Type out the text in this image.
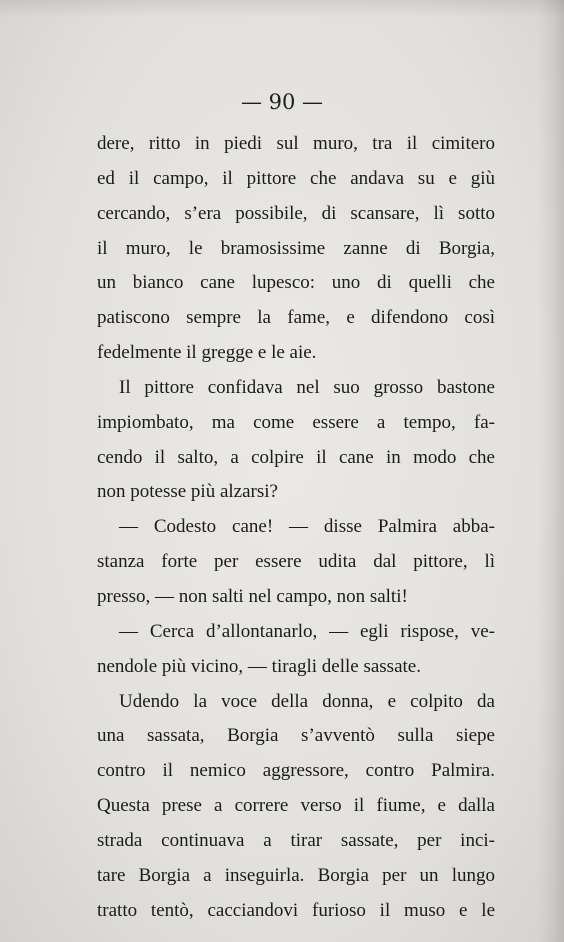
— 90 —
dere, ritto in piedi sul muro, tra il cimitero
ed il campo, il pittore che andava su e giù
cercando, s’era possibile, di scansare, lì sotto
il muro, le bramosissime zanne di Borgia,
un bianco cane lupesco: uno di quelli che
patiscono sempre la fame, e difendono così
fedelmente il gregge e le aie.
Il pittore confidava nel suo grosso bastone
impiombato, ma come essere a tempo, fa-
cendo il salto, a colpire il cane in modo che
non potesse più alzarsi?
— Codesto cane! — disse Palmira abba-
stanza forte per essere udita dal pittore, lì
presso, — non salti nel campo, non salti!
— Cerca d’allontanarlo, — egli rispose, ve-
nendole più vicino, — tiragli delle sassate.
Udendo la voce della donna, e colpito da
una sassata, Borgia s’avventò sulla siepe
contro il nemico aggressore, contro Palmira.
Questa prese a correre verso il fiume, e dalla
strada continuava a tirar sassate, per inci-
tare Borgia a inseguirla. Borgia per un lungo
tratto tentò, cacciandovi furioso il muso e le
